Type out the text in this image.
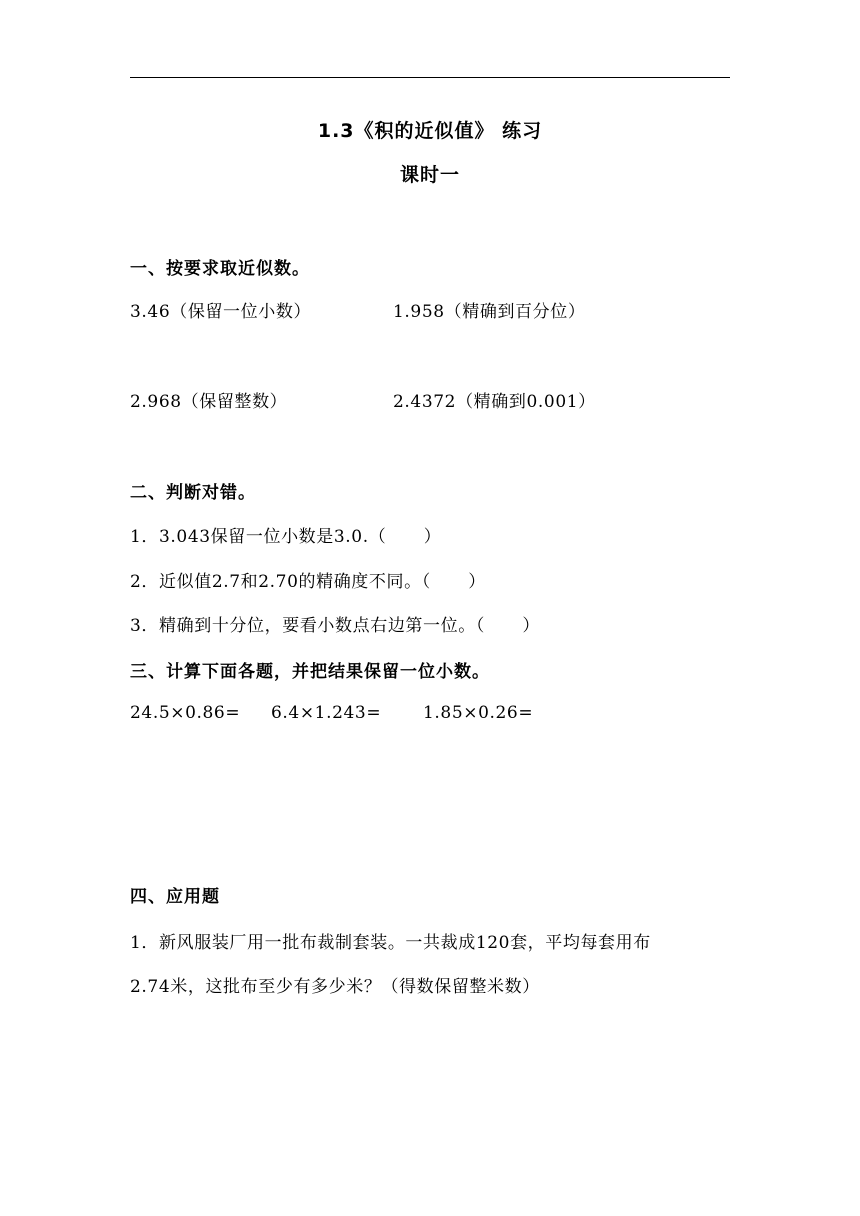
1.3《积的近似值》 练习
课时一
一、按要求取近似数。
3.46（保留一位小数）	1.958（精确到百分位）
2.968（保留整数）	2.4372（精确到0.001）
二、判断对错。
1．3.043保留一位小数是3.0.（ ）
2．近似值2.7和2.70的精确度不同。（ ）
3．精确到十分位，要看小数点右边第一位。（ ）
三、计算下面各题，并把结果保留一位小数。
24.5×0.86= 6.4×1.243= 1.85×0.26=
四、应用题
1．新风服装厂用一批布裁制套装。一共裁成120套，平均每套用布
2.74米，这批布至少有多少米？（得数保留整米数）
